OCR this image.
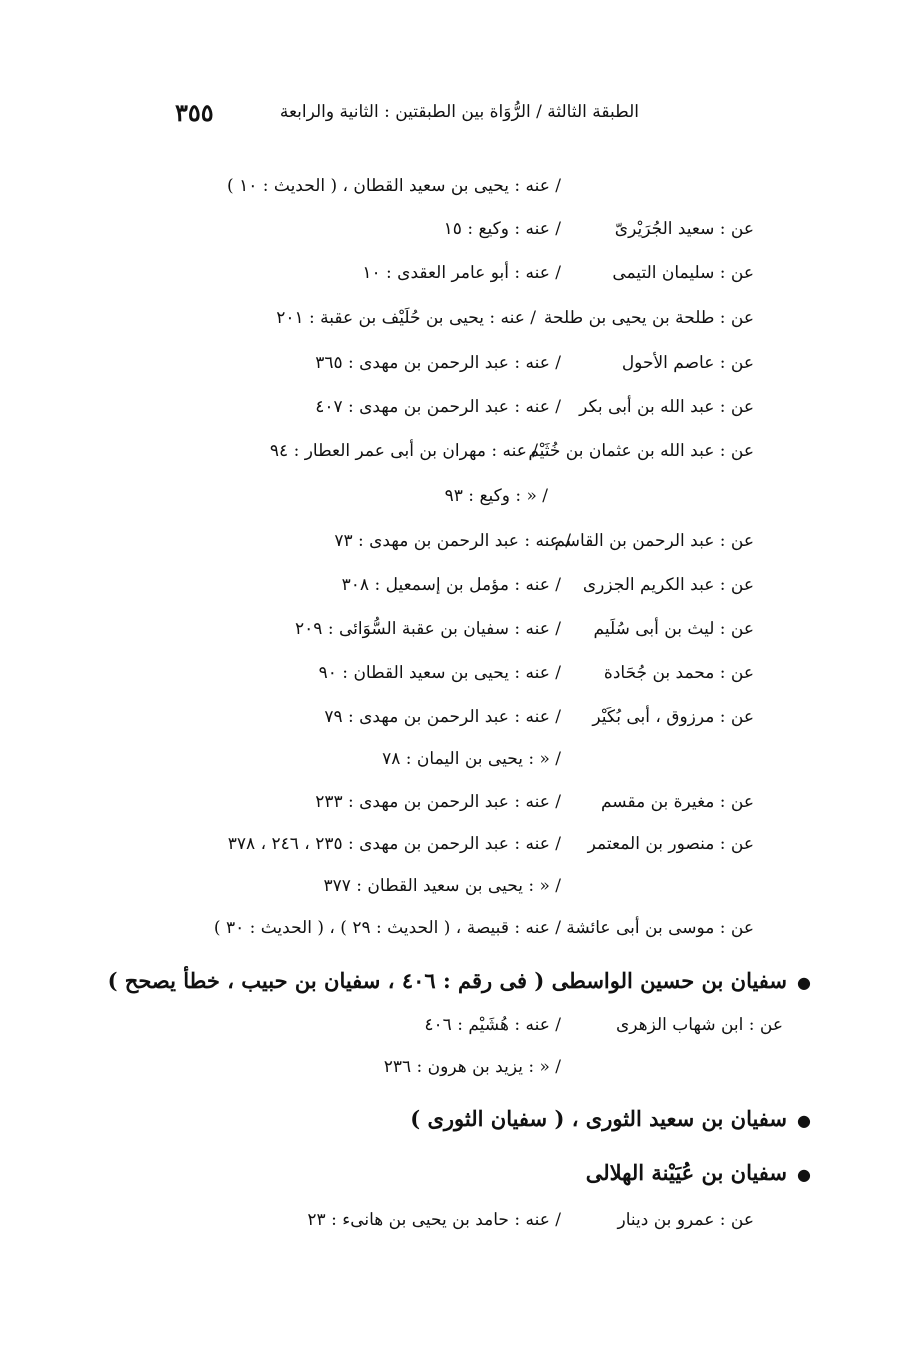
٣٥٥	الطبقة الثالثة / الرُّوَاة بين الطبقتين : الثانية والرابعة
/ عنه : يحيى بن سعيد القطان ، ( الحديث : ١٠ )
عن : سعيد الجُرَيْرىّ
/ عنه : وكيع : ١٥
عن : سليمان التيمى
/ عنه : أبو عامر العقدى : ١٠
عن : طلحة بن يحيى بن طلحة
/ عنه : يحيى بن حُلَيْف بن عقبة : ٢٠١
عن : عاصم الأحول
/ عنه : عبد الرحمن بن مهدى : ٣٦٥
عن : عبد الله بن أبى بكر
/ عنه : عبد الرحمن بن مهدى : ٤٠٧
عن : عبد الله بن عثمان بن خُثَيْم
/ عنه : مهران بن أبى عمر العطار : ٩٤
/ « : وكيع : ٩٣
عن : عبد الرحمن بن القاسم
/ عنه : عبد الرحمن بن مهدى : ٧٣
عن : عبد الكريم الجزرى
/ عنه : مؤمل بن إسمعيل : ٣٠٨
عن : ليث بن أبى سُلَيم
/ عنه : سفيان بن عقبة السُّوَائى : ٢٠٩
عن : محمد بن جُحَادة
/ عنه : يحيى بن سعيد القطان : ٩٠
عن : مرزوق ، أبى بُكَيْر
/ عنه : عبد الرحمن بن مهدى : ٧٩
/ « : يحيى بن اليمان : ٧٨
عن : مغيرة بن مقسم
/ عنه : عبد الرحمن بن مهدى : ٢٣٣
عن : منصور بن المعتمر
/ عنه : عبد الرحمن بن مهدى : ٢٣٥ ، ٢٤٦ ، ٣٧٨
/ « : يحيى بن سعيد القطان : ٣٧٧
عن : موسى بن أبى عائشة
/ عنه : قبيصة ، ( الحديث : ٢٩ ) ، ( الحديث : ٣٠ )
●سفيان بن حسين الواسطى ( فى رقم : ٤٠٦ ، سفيان بن حبيب ، خطأ يصحح )
عن : ابن شهاب الزهرى
/ عنه : هُشَيْم : ٤٠٦
/ « : يزيد بن هرون : ٢٣٦
●سفيان بن سعيد الثورى ، ( سفيان الثورى )
●سفيان بن عُيَيْنة الهلالى
عن : عمرو بن دينار
/ عنه : حامد بن يحيى بن هانىء : ٢٣
